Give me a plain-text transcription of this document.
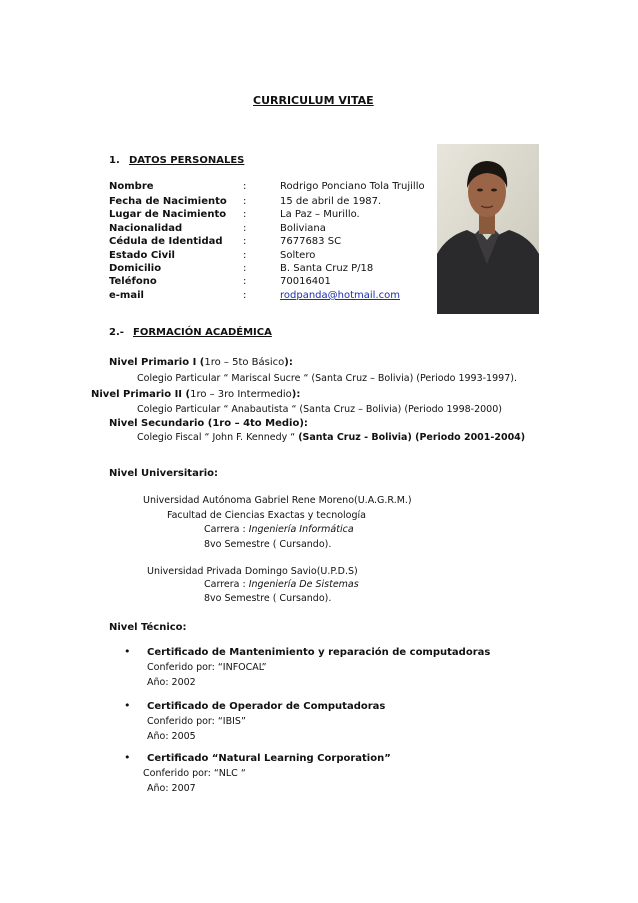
CURRICULUM VITAE
1. DATOS PERSONALES
Nombre	:	Rodrigo Ponciano Tola Trujillo
Fecha de Nacimiento :	15 de abril de 1987.
Lugar de Nacimiento :	La Paz – Murillo.
Nacionalidad	:	Boliviana
Cédula de Identidad :	7677683 SC
Estado Civil	:	Soltero
Domicilio	:	B. Santa Cruz P/18
Teléfono	:	70016401
e-mail	:	rodpanda@hotmail.com
2.- FORMACIÓN ACADÉMICA
Nivel Primario I (1ro – 5to Básico):
Colegio Particular “ Mariscal Sucre “ (Santa Cruz – Bolivia) (Periodo 1993-1997).
Nivel Primario II (1ro – 3ro Intermedio):
Colegio Particular “ Anabautista “ (Santa Cruz – Bolivia) (Periodo 1998-2000)
Nivel Secundario (1ro – 4to Medio):
Colegio Fiscal “ John F. Kennedy “ (Santa Cruz - Bolivia) (Periodo 2001-2004)
Nivel Universitario:
Universidad Autónoma Gabriel Rene Moreno(U.A.G.R.M.)
Facultad de Ciencias Exactas y tecnología
Carrera : Ingeniería Informática
8vo Semestre ( Cursando).
Universidad Privada Domingo Savio(U.P.D.S)
Carrera : Ingeniería De Sistemas
8vo Semestre ( Cursando).
Nivel Técnico:
• Certificado de Mantenimiento y reparación de computadoras
Conferido por: “INFOCAL”
Año: 2002
• Certificado de Operador de Computadoras
Conferido por: “IBIS”
Año: 2005
• Certificado “Natural Learning Corporation”
Conferido por: “NLC “
Año: 2007
